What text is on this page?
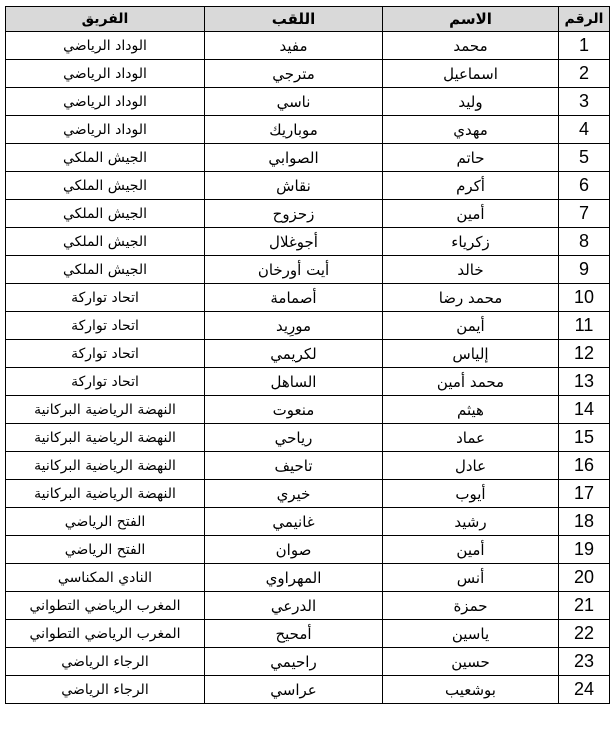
الفريق	اللقب	الاسم	الرقم
الوداد الرياضي	مفيد	محمد	1
الوداد الرياضي	مترجي	اسماعيل	2
الوداد الرياضي	ناسي	وليد	3
الوداد الرياضي	موباريك	مهدي	4
الجيش الملكي	الصوابي	حاتم	5
الجيش الملكي	نقاش	أكرم	6
الجيش الملكي	زحزوح	أمين	7
الجيش الملكي	أجوغلال	زكرياء	8
الجيش الملكي	أيت أورخان	خالد	9
اتحاد تواركة	أصمامة	محمد رضا	10
اتحاد تواركة	مورِيد	أيمن	11
اتحاد تواركة	لكريمي	إلياس	12
اتحاد تواركة	الساهل	محمد أمين	13
النهضة الرياضية البركانية	منعوت	هيثم	14
النهضة الرياضية البركانية	رياحي	عماد	15
النهضة الرياضية البركانية	تاحيف	عادل	16
النهضة الرياضية البركانية	خيري	أيوب	17
الفتح الرياضي	غانيمي	رشيد	18
الفتح الرياضي	صوان	أمين	19
النادي المكناسي	المهراوي	أنس	20
المغرب الرياضي التطواني	الدرعي	حمزة	21
المغرب الرياضي التطواني	أمحيح	ياسين	22
الرجاء الرياضي	راحيمي	حسين	23
الرجاء الرياضي	عراسي	بوشعيب	24
